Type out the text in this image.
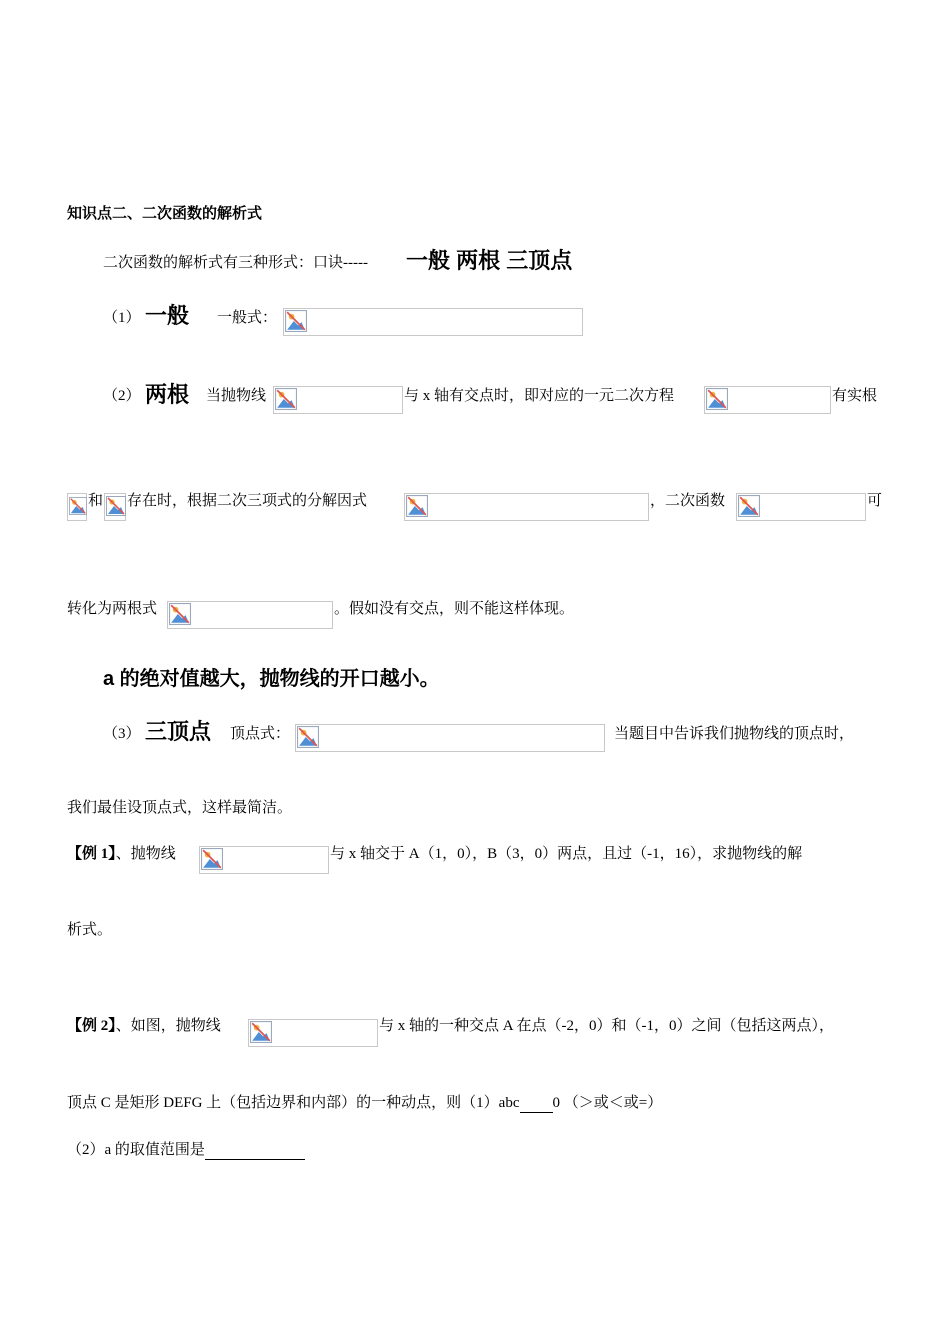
知识点二、二次函数的解析式
二次函数的解析式有三种形式：口诀----- 一般 两根 三顶点
（1） 一般 一般式：
（2） 两根 当抛物线	与 x 轴有交点时，即对应的一元二次方程	有实根
和 存在时，根据二次三项式的分解因式	，二次函数	可
转化为两根式	。假如没有交点，则不能这样体现。
a 的绝对值越大，抛物线的开口越小。
（3） 三顶点 顶点式：	当题目中告诉我们抛物线的顶点时，
我们最佳设顶点式，这样最简洁。
【例 1】、抛物线	与 x 轴交于 A（1，0），B（3，0）两点，且过（-1，16），求抛物线的解
析式。
【例 2】、如图，抛物线	与 x 轴的一种交点 A 在点（-2，0）和（-1，0）之间（包括这两点），
顶点 C 是矩形 DEFG 上（包括边界和内部）的一种动点，则（1）abc 0 （＞或＜或=）
（2）a 的取值范围是
